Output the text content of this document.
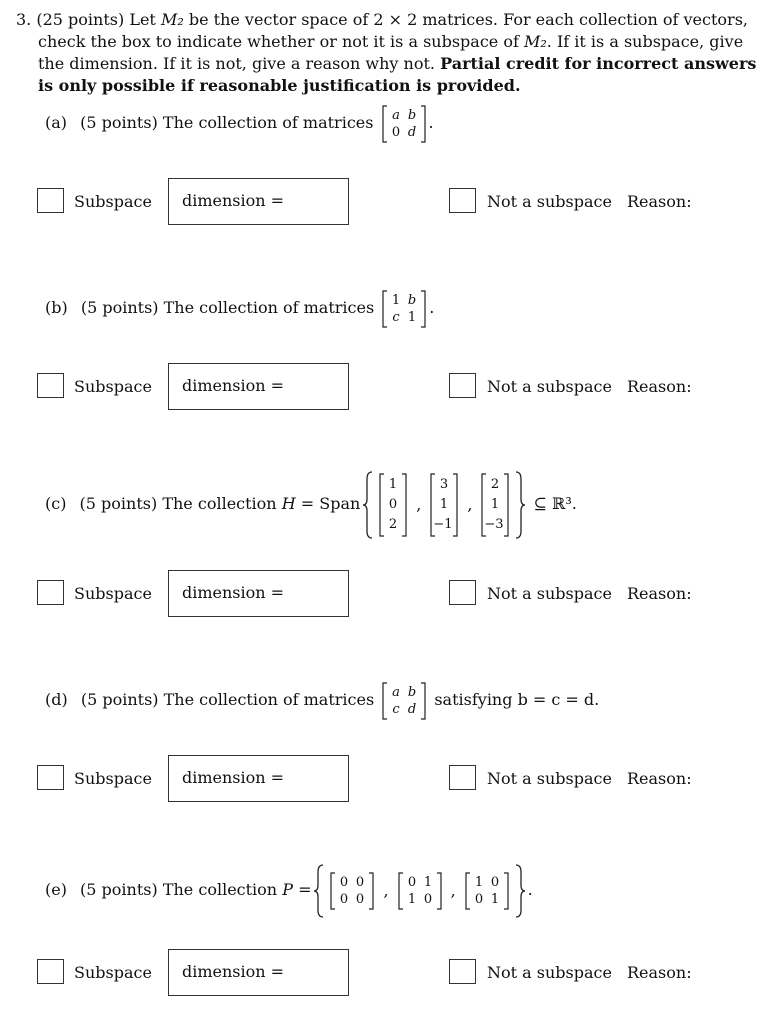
3. (25 points) Let M₂ be the vector space of 2 × 2 matrices. For each collection of vectors, check the box to indicate whether or not it is a subspace of M₂. If it is a subspace, give the dimension. If it is not, give a reason why not. Partial credit for incorrect answers is only possible if reasonable justification is provided.
(a) (5 points) The collection of matrices a b
0 d .
Subspace	dimension =	Not a subspace Reason:
(b) (5 points) The collection of matrices 1 b
c 1 .
Subspace	dimension =	Not a subspace Reason:
(c) (5 points) The collection H = Span
1
0
2
,
3
1
−1
,
2
1
−3
⊆ ℝ³.
Subspace	dimension =	Not a subspace Reason:
(d) (5 points) The collection of matrices a b
c d satisfying b = c = d.
Subspace	dimension =	Not a subspace Reason:
(e) (5 points) The collection P = 0 0
0 0 , 0 1
1 0 , 1 0
0 1 .
Subspace	dimension =	Not a subspace Reason:
